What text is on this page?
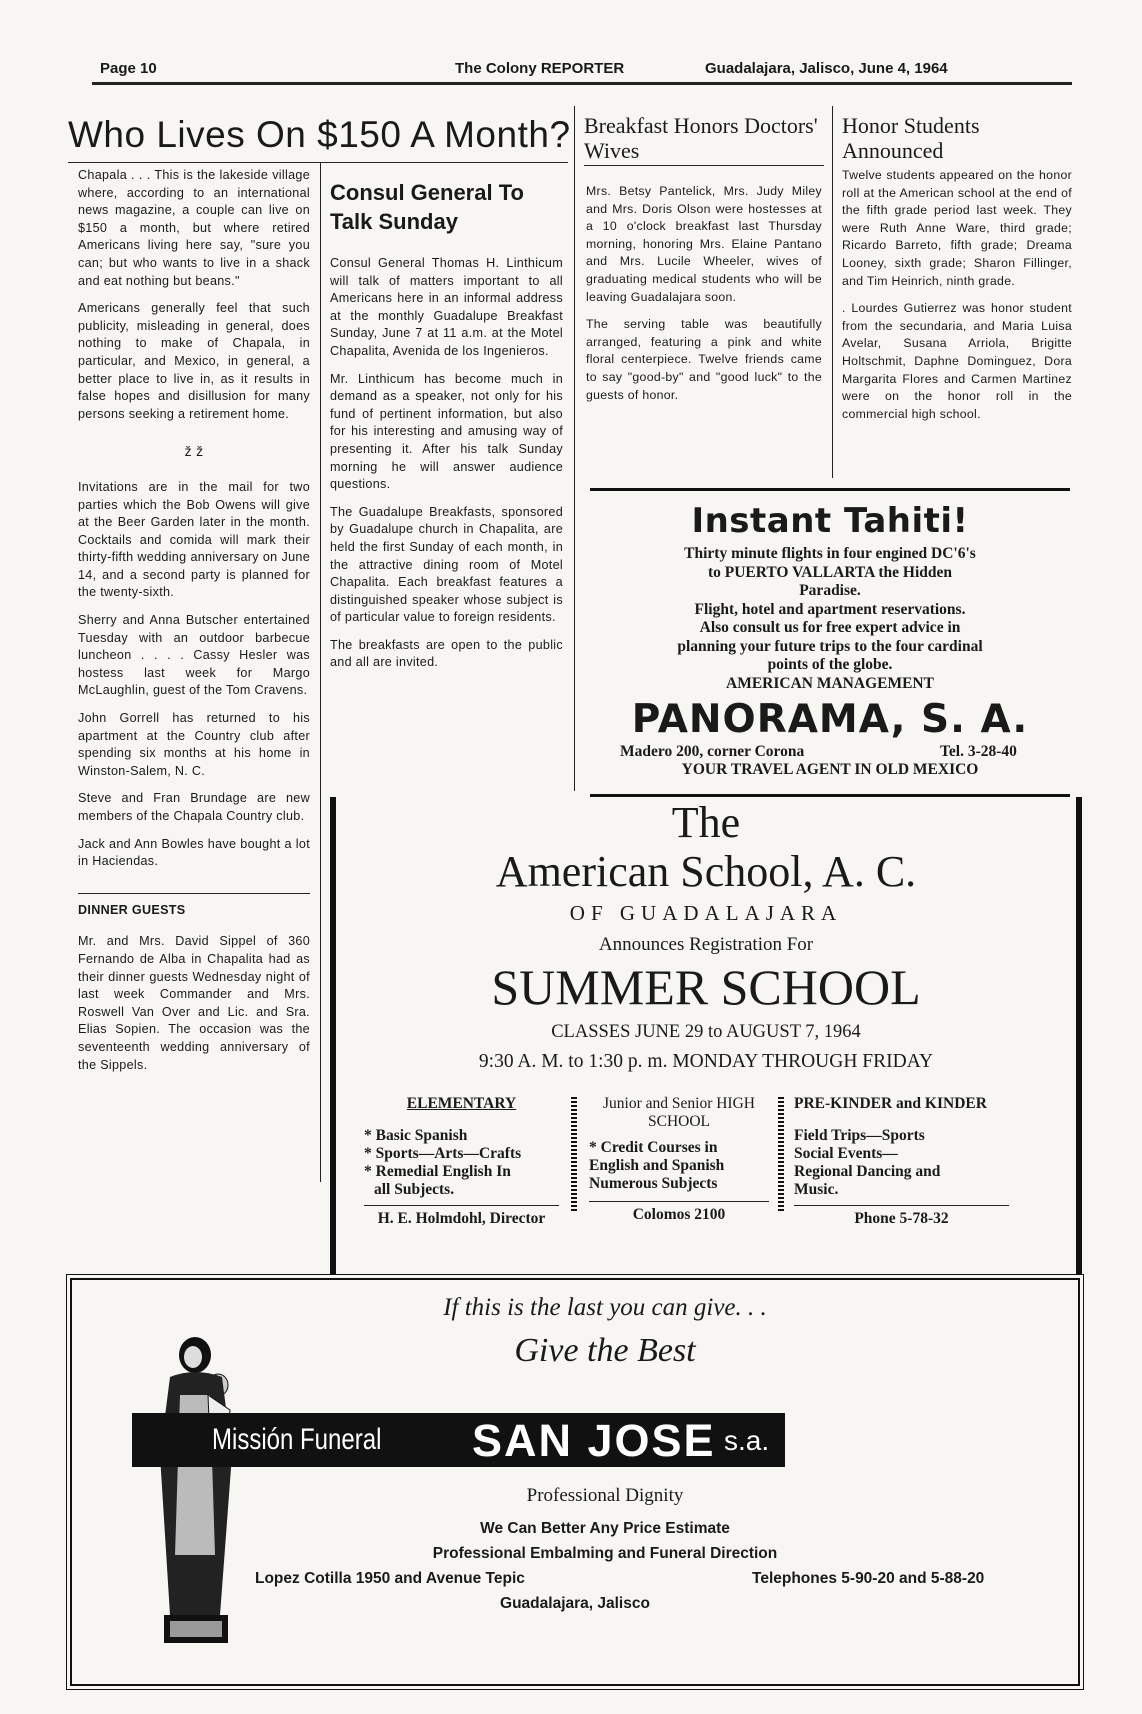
Page 10	The Colony REPORTER	Guadalajara, Jalisco, June 4, 1964
Who Lives On $150 A Month?

Chapala . . . This is the lakeside village where, according to an international news magazine, a couple can live on $150 a month, but where retired Americans living here say, "sure you can; but who wants to live in a shack and eat nothing but beans."

Americans generally feel that such publicity, misleading in general, does nothing to make of Chapala, in particular, and Mexico, in general, a better place to live in, as it results in false hopes and disillusion for many persons seeking a retirement home.

ž ž

Invitations are in the mail for two parties which the Bob Owens will give at the Beer Garden later in the month. Cocktails and comida will mark their thirty-fifth wedding anniversary on June 14, and a second party is planned for the twenty-sixth.

Sherry and Anna Butscher entertained Tuesday with an outdoor barbecue luncheon . . . . Cassy Hesler was hostess last week for Margo McLaughlin, guest of the Tom Cravens.

John Gorrell has returned to his apartment at the Country club after spending six months at his home in Winston-Salem, N. C.

Steve and Fran Brundage are new members of the Chapala Country club.

Jack and Ann Bowles have bought a lot in Haciendas.

DINNER GUESTS

Mr. and Mrs. David Sippel of 360 Fernando de Alba in Chapalita had as their dinner guests Wednesday night of last week Commander and Mrs. Roswell Van Over and Lic. and Sra. Elias Sopien. The occasion was the seventeenth wedding anniversary of the Sippels.

Consul General To Talk Sunday

Consul General Thomas H. Linthicum will talk of matters important to all Americans here in an informal address at the monthly Guadalupe Breakfast Sunday, June 7 at 11 a.m. at the Motel Chapalita, Avenida de los Ingenieros.

Mr. Linthicum has become much in demand as a speaker, not only for his fund of pertinent information, but also for his interesting and amusing way of presenting it. After his talk Sunday morning he will answer audience questions.

The Guadalupe Breakfasts, sponsored by Guadalupe church in Chapalita, are held the first Sunday of each month, in the attractive dining room of Motel Chapalita. Each breakfast features a distinguished speaker whose subject is of particular value to foreign residents.

The breakfasts are open to the public and all are invited.

Breakfast Honors Doctors' Wives

Mrs. Betsy Pantelick, Mrs. Judy Miley and Mrs. Doris Olson were hostesses at a 10 o'clock breakfast last Thursday morning, honoring Mrs. Elaine Pantano and Mrs. Lucile Wheeler, wives of graduating medical students who will be leaving Guadalajara soon.

The serving table was beautifully arranged, featuring a pink and white floral centerpiece. Twelve friends came to say "good-by" and "good luck" to the guests of honor.

Honor Students Announced

Twelve students appeared on the honor roll at the American school at the end of the fifth grade period last week. They were Ruth Anne Ware, third grade; Ricardo Barreto, fifth grade; Dreama Looney, sixth grade; Sharon Fillinger, and Tim Heinrich, ninth grade.

. Lourdes Gutierrez was honor student from the secundaria, and Maria Luisa Avelar, Susana Arriola, Brigitte Holtschmit, Daphne Dominguez, Dora Margarita Flores and Carmen Martinez were on the honor roll in the commercial high school.

Instant Tahiti!
Thirty minute flights in four engined DC'6's
to PUERTO VALLARTA the Hidden
Paradise.
Flight, hotel and apartment reservations.
Also consult us for free expert advice in
planning your future trips to the four cardinal
points of the globe.
AMERICAN MANAGEMENT
PANORAMA, S. A.
Madero 200, corner Corona	Tel. 3-28-40
YOUR TRAVEL AGENT IN OLD MEXICO
The
American School, A. C.
OF GUADALAJARA
Announces Registration For
SUMMER SCHOOL
CLASSES JUNE 29 to AUGUST 7, 1964
9:30 A. M. to 1:30 p. m. MONDAY THROUGH FRIDAY
ELEMENTARY
* Basic Spanish
* Sports—Arts—Crafts
* Remedial English In
all Subjects.
H. E. Holmdohl, Director
Junior and Senior HIGH SCHOOL
* Credit Courses in
English and Spanish
Numerous Subjects
Colomos 2100
PRE-KINDER and KINDER
Field Trips—Sports
Social Events—
Regional Dancing and
Music.
Phone 5-78-32
If this is the last you can give. . .
Give the Best
Missión Funeral SAN JOSE s.a.
Professional Dignity
We Can Better Any Price Estimate
Professional Embalming and Funeral Direction
Lopez Cotilla 1950 and Avenue Tepic	Telephones 5-90-20 and 5-88-20
Guadalajara, Jalisco
